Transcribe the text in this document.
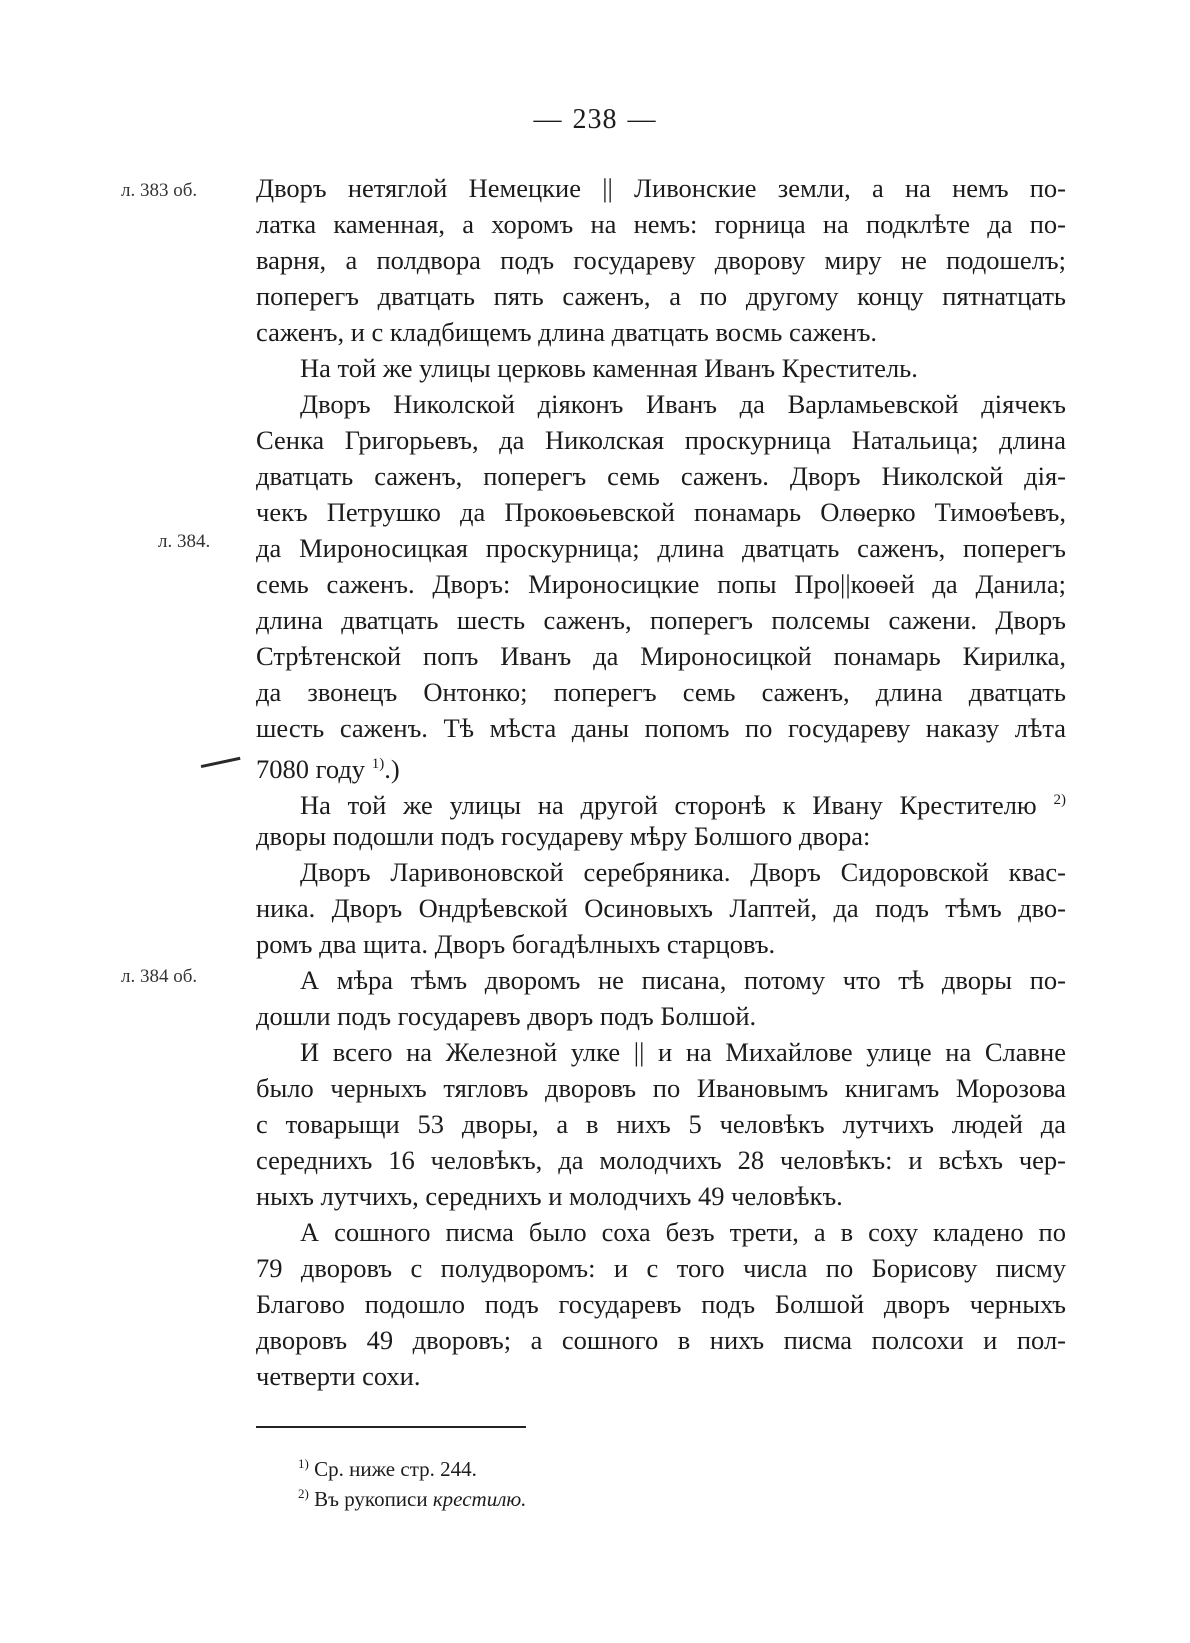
— 238 —
л. 383 об.
л. 384.
л. 384 об.
Дворъ нетяглой Немецкие || Ливонские земли, а на немъ по-
латка каменная, а хоромъ на немъ: горница на подклѣте да по-
варня, а полдвора подъ государеву дворову миру не подошелъ;
поперегъ дватцать пять саженъ, а по другому концу пятнатцать
саженъ, и с кладбищемъ длина дватцать восмь саженъ.
На той же улицы церковь каменная Иванъ Креститель.
Дворъ Николской діяконъ Иванъ да Варламьевской діячекъ
Сенка Григорьевъ, да Николская проскурница Натальица; длина
дватцать саженъ, поперегъ семь саженъ. Дворъ Николской дія-
чекъ Петрушко да Прокоѳьевской понамарь Олѳерко Тимоѳѣевъ,
да Мироносицкая проскурница; длина дватцать саженъ, поперегъ
семь саженъ. Дворъ: Мироносицкие попы Про||коѳей да Данила;
длина дватцать шесть саженъ, поперегъ полсемы сажени. Дворъ
Стрѣтенской попъ Иванъ да Мироносицкой понамарь Кирилка,
да звонецъ Онтонко; поперегъ семь саженъ, длина дватцать
шесть саженъ. Тѣ мѣста даны попомъ по государеву наказу лѣта
7080 году $^{1)}$.)
На той же улицы на другой сторонѣ к Ивану Крестителю $^{2)}$
дворы подошли подъ государеву мѣру Болшого двора:
Дворъ Ларивоновской серебряника. Дворъ Сидоровской квас-
ника. Дворъ Ондрѣевской Осиновыхъ Лаптей, да подъ тѣмъ дво-
ромъ два щита. Дворъ богадѣлныхъ старцовъ.
А мѣра тѣмъ дворомъ не писана, потому что тѣ дворы по-
дошли подъ государевъ дворъ подъ Болшой.
И всего на Железной улке || и на Михайлове улице на Славне
было черныхъ тягловъ дворовъ по Ивановымъ книгамъ Морозова
с товарыщи 53 дворы, а в нихъ 5 человѣкъ лутчихъ людей да
середнихъ 16 человѣкъ, да молодчихъ 28 человѣкъ: и всѣхъ чер-
ныхъ лутчихъ, середнихъ и молодчихъ 49 человѣкъ.
А сошного писма было соха безъ трети, а в соху кладено по
79 дворовъ с полудворомъ: и с того числа по Борисову писму
Благово подошло подъ государевъ подъ Болшой дворъ черныхъ
дворовъ 49 дворовъ; а сошного в нихъ писма полсохи и пол-
четверти сохи.
$^{1)}$ Ср. ниже стр. 244.
$^{2)}$ Въ рукописи крестилю.
